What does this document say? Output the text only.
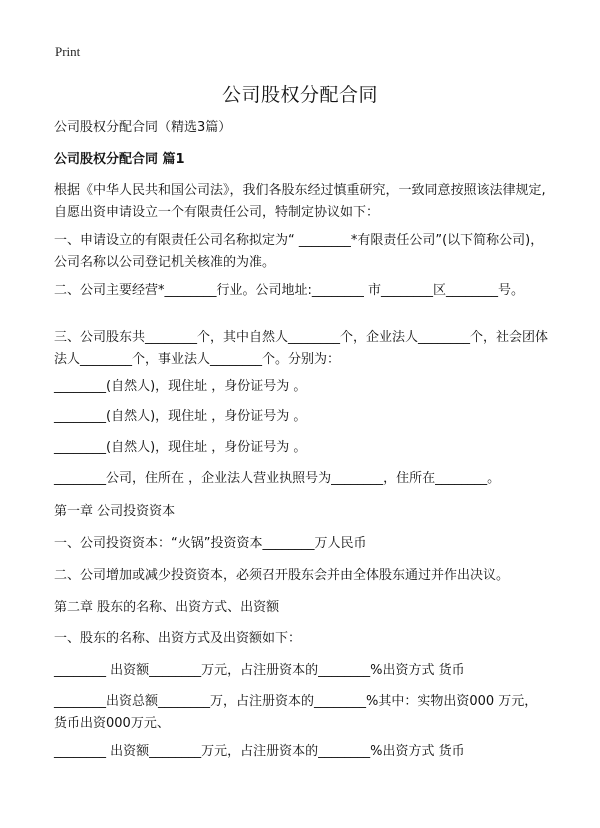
Print
公司股权分配合同
公司股权分配合同（精选3篇）
公司股权分配合同 篇1
根据《中华人民共和国公司法》，我们各股东经过慎重研究，一致同意按照该法律规定,自愿出资申请设立一个有限责任公司，特制定协议如下：
一、申请设立的有限责任公司名称拟定为“ ________*有限责任公司”(以下简称公司)，公司名称以公司登记机关核准的为准。
二、公司主要经营*________行业。公司地址:________ 市________区________号。
三、公司股东共________个，其中自然人________个，企业法人________个，社会团体法人________个，事业法人________个。分别为：
________(自然人)，现住址 ，身份证号为 。
________(自然人)，现住址 ，身份证号为 。
________(自然人)，现住址 ，身份证号为 。
________公司，住所在 ，企业法人营业执照号为________，住所在________。
第一章 公司投资资本
一、公司投资资本：“火锅”投资资本________万人民币
二、公司增加或减少投资资本，必须召开股东会并由全体股东通过并作出决议。
第二章 股东的名称、出资方式、出资额
一、股东的名称、出资方式及出资额如下：
________ 出资额________万元，占注册资本的________%出资方式 货币
________出资总额________万，占注册资本的________%其中：实物出资000 万元，货币出资000万元、
________ 出资额________万元，占注册资本的________%出资方式 货币
